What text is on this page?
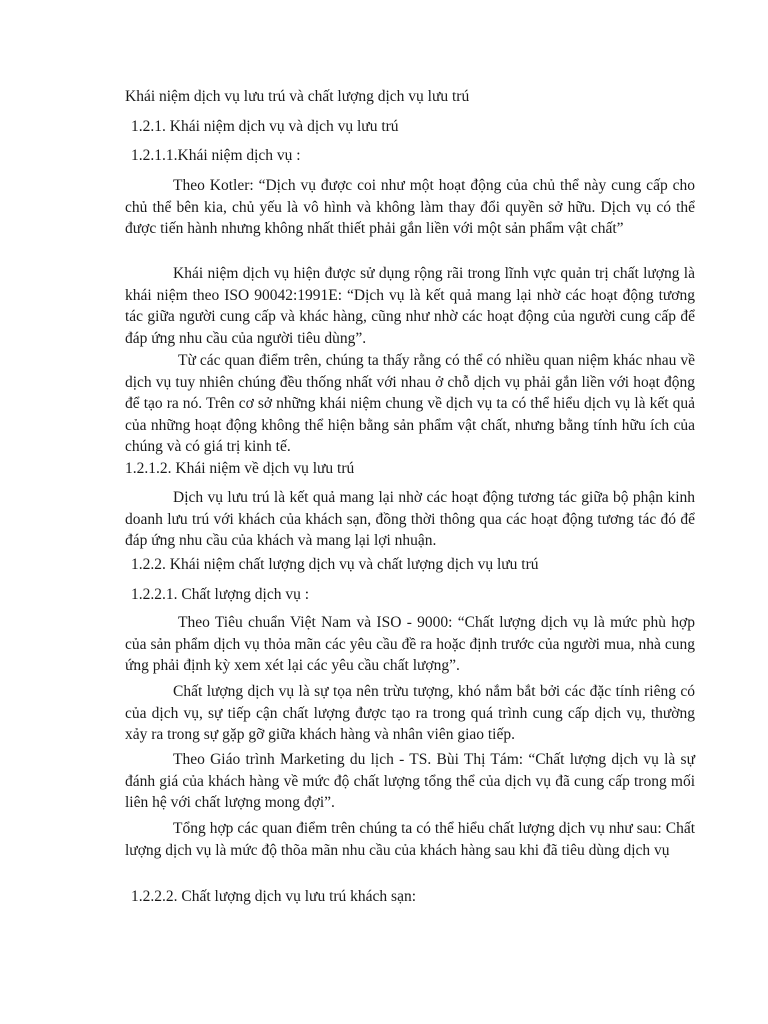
Khái niệm dịch vụ lưu trú và chất lượng dịch vụ lưu trú

1.2.1. Khái niệm dịch vụ và dịch vụ lưu trú

1.2.1.1.Khái niệm dịch vụ :

Theo Kotler: “Dịch vụ được coi như một hoạt động của chủ thể này cung cấp cho chủ thể bên kia, chủ yếu là vô hình và không làm thay đổi quyền sở hữu. Dịch vụ có thể được tiến hành nhưng không nhất thiết phải gắn liền với một sản phẩm vật chất”

Khái niệm dịch vụ hiện được sử dụng rộng rãi trong lĩnh vực quản trị chất lượng là khái niệm theo ISO 90042:1991E: “Dịch vụ là kết quả mang lại nhờ các hoạt động tương tác giữa người cung cấp và khác hàng, cũng như nhờ các hoạt động của người cung cấp để đáp ứng nhu cầu của người tiêu dùng”.

Từ các quan điểm trên, chúng ta thấy rằng có thể có nhiều quan niệm khác nhau về dịch vụ tuy nhiên chúng đều thống nhất với nhau ở chỗ dịch vụ phải gắn liền với hoạt động để tạo ra nó. Trên cơ sở những khái niệm chung về dịch vụ ta có thể hiểu dịch vụ là kết quả của những hoạt động không thể hiện bằng sản phẩm vật chất, nhưng bằng tính hữu ích của chúng và có giá trị kinh tế.

1.2.1.2. Khái niệm về dịch vụ lưu trú

Dịch vụ lưu trú là kết quả mang lại nhờ các hoạt động tương tác giữa bộ phận kinh doanh lưu trú với khách của khách sạn, đồng thời thông qua các hoạt động tương tác đó để đáp ứng nhu cầu của khách và mang lại lợi nhuận.

1.2.2. Khái niệm chất lượng dịch vụ và chất lượng dịch vụ lưu trú

1.2.2.1. Chất lượng dịch vụ :

Theo Tiêu chuẩn Việt Nam và ISO - 9000: “Chất lượng dịch vụ là mức phù hợp của sản phẩm dịch vụ thỏa mãn các yêu cầu đề ra hoặc định trước của người mua, nhà cung ứng phải định kỳ xem xét lại các yêu cầu chất lượng”.

Chất lượng dịch vụ là sự tọa nên trừu tượng, khó nắm bắt bởi các đặc tính riêng có của dịch vụ, sự tiếp cận chất lượng được tạo ra trong quá trình cung cấp dịch vụ, thường xảy ra trong sự gặp gỡ giữa khách hàng và nhân viên giao tiếp.

Theo Giáo trình Marketing du lịch - TS. Bùi Thị Tám: “Chất lượng dịch vụ là sự đánh giá của khách hàng về mức độ chất lượng tổng thể của dịch vụ đã cung cấp trong mối liên hệ với chất lượng mong đợi”.

Tổng hợp các quan điểm trên chúng ta có thể hiểu chất lượng dịch vụ như sau: Chất lượng dịch vụ là mức độ thõa mãn nhu cầu của khách hàng sau khi đã tiêu dùng dịch vụ

1.2.2.2. Chất lượng dịch vụ lưu trú khách sạn:
